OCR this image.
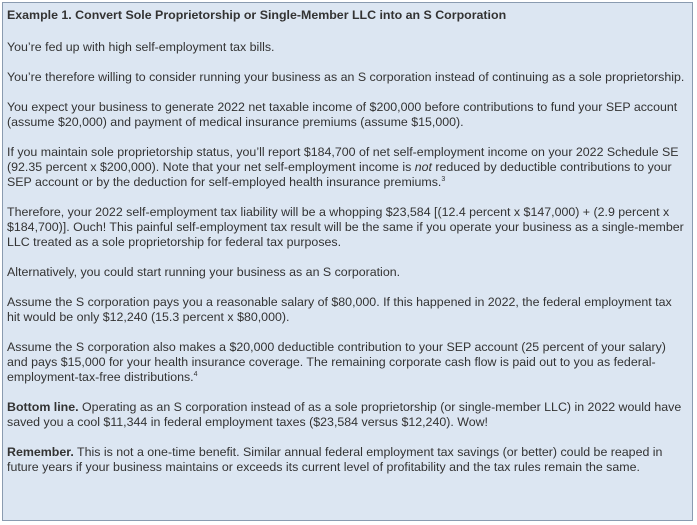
Example 1. Convert Sole Proprietorship or Single-Member LLC into an S Corporation
You’re fed up with high self-employment tax bills.
You’re therefore willing to consider running your business as an S corporation instead of continuing as a sole proprietorship.
You expect your business to generate 2022 net taxable income of $200,000 before contributions to fund your SEP account (assume $20,000) and payment of medical insurance premiums (assume $15,000).
If you maintain sole proprietorship status, you’ll report $184,700 of net self-employment income on your 2022 Schedule SE (92.35 percent x $200,000). Note that your net self-employment income is not reduced by deductible contributions to your SEP account or by the deduction for self-employed health insurance premiums.$^3$
Therefore, your 2022 self-employment tax liability will be a whopping $23,584 [(12.4 percent x $147,000) + (2.9 percent x $184,700)]. Ouch! This painful self-employment tax result will be the same if you operate your business as a single-member LLC treated as a sole proprietorship for federal tax purposes.
Alternatively, you could start running your business as an S corporation.
Assume the S corporation pays you a reasonable salary of $80,000. If this happened in 2022, the federal employment tax hit would be only $12,240 (15.3 percent x $80,000).
Assume the S corporation also makes a $20,000 deductible contribution to your SEP account (25 percent of your salary) and pays $15,000 for your health insurance coverage. The remaining corporate cash flow is paid out to you as federal-employment-tax-free distributions.$^4$
Bottom line. Operating as an S corporation instead of as a sole proprietorship (or single-member LLC) in 2022 would have saved you a cool $11,344 in federal employment taxes ($23,584 versus $12,240). Wow!
Remember. This is not a one-time benefit. Similar annual federal employment tax savings (or better) could be reaped in future years if your business maintains or exceeds its current level of profitability and the tax rules remain the same.
